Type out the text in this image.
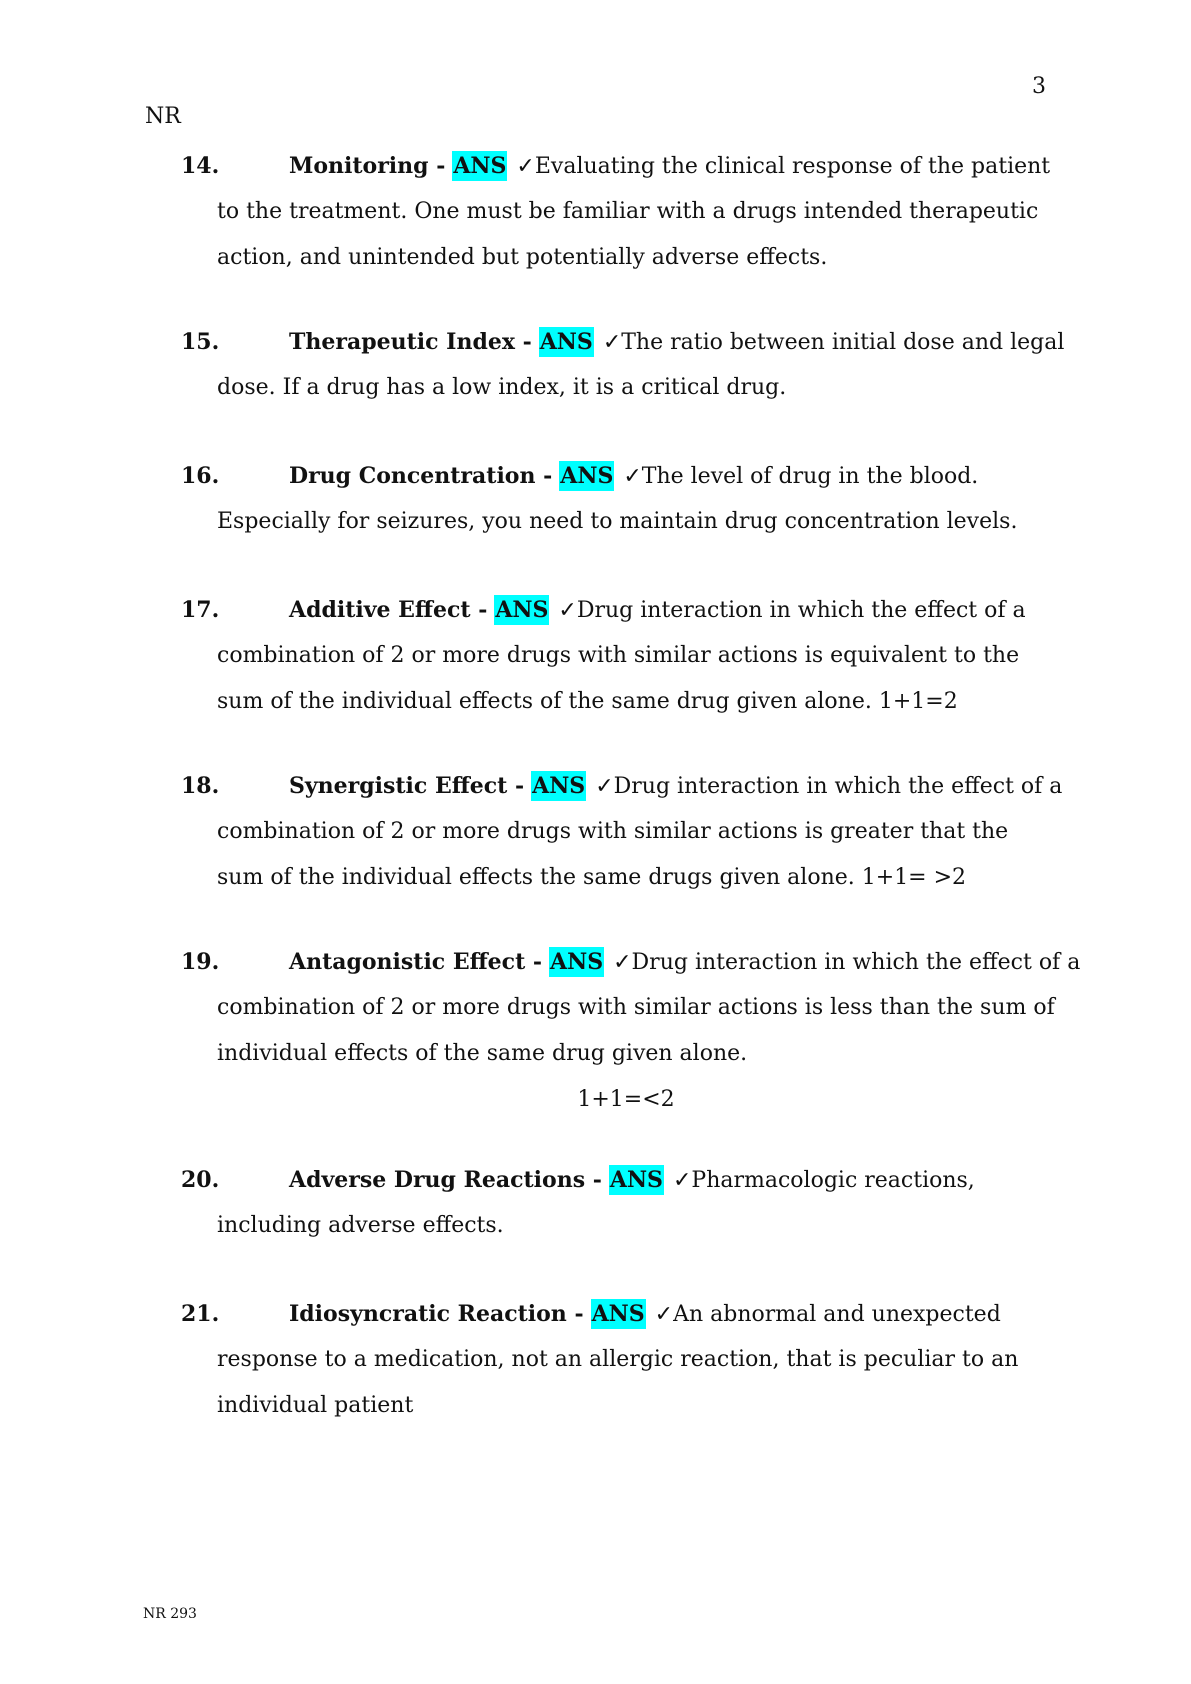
3
NR
14.	Monitoring - ANS ✓Evaluating the clinical response of the patient
to the treatment. One must be familiar with a drugs intended therapeutic
action, and unintended but potentially adverse effects.
15.	Therapeutic Index - ANS ✓The ratio between initial dose and legal
dose. If a drug has a low index, it is a critical drug.
16.	Drug Concentration - ANS ✓The level of drug in the blood.
Especially for seizures, you need to maintain drug concentration levels.
17.	Additive Effect - ANS ✓Drug interaction in which the effect of a
combination of 2 or more drugs with similar actions is equivalent to the
sum of the individual effects of the same drug given alone. 1+1=2
18.	Synergistic Effect - ANS ✓Drug interaction in which the effect of a
combination of 2 or more drugs with similar actions is greater that the
sum of the individual effects the same drugs given alone. 1+1= >2
19.	Antagonistic Effect - ANS ✓Drug interaction in which the effect of a
combination of 2 or more drugs with similar actions is less than the sum of
individual effects of the same drug given alone.
1+1=<2
20.	Adverse Drug Reactions - ANS ✓Pharmacologic reactions,
including adverse effects.
21.	Idiosyncratic Reaction - ANS ✓An abnormal and unexpected
response to a medication, not an allergic reaction, that is peculiar to an
individual patient
NR 293
